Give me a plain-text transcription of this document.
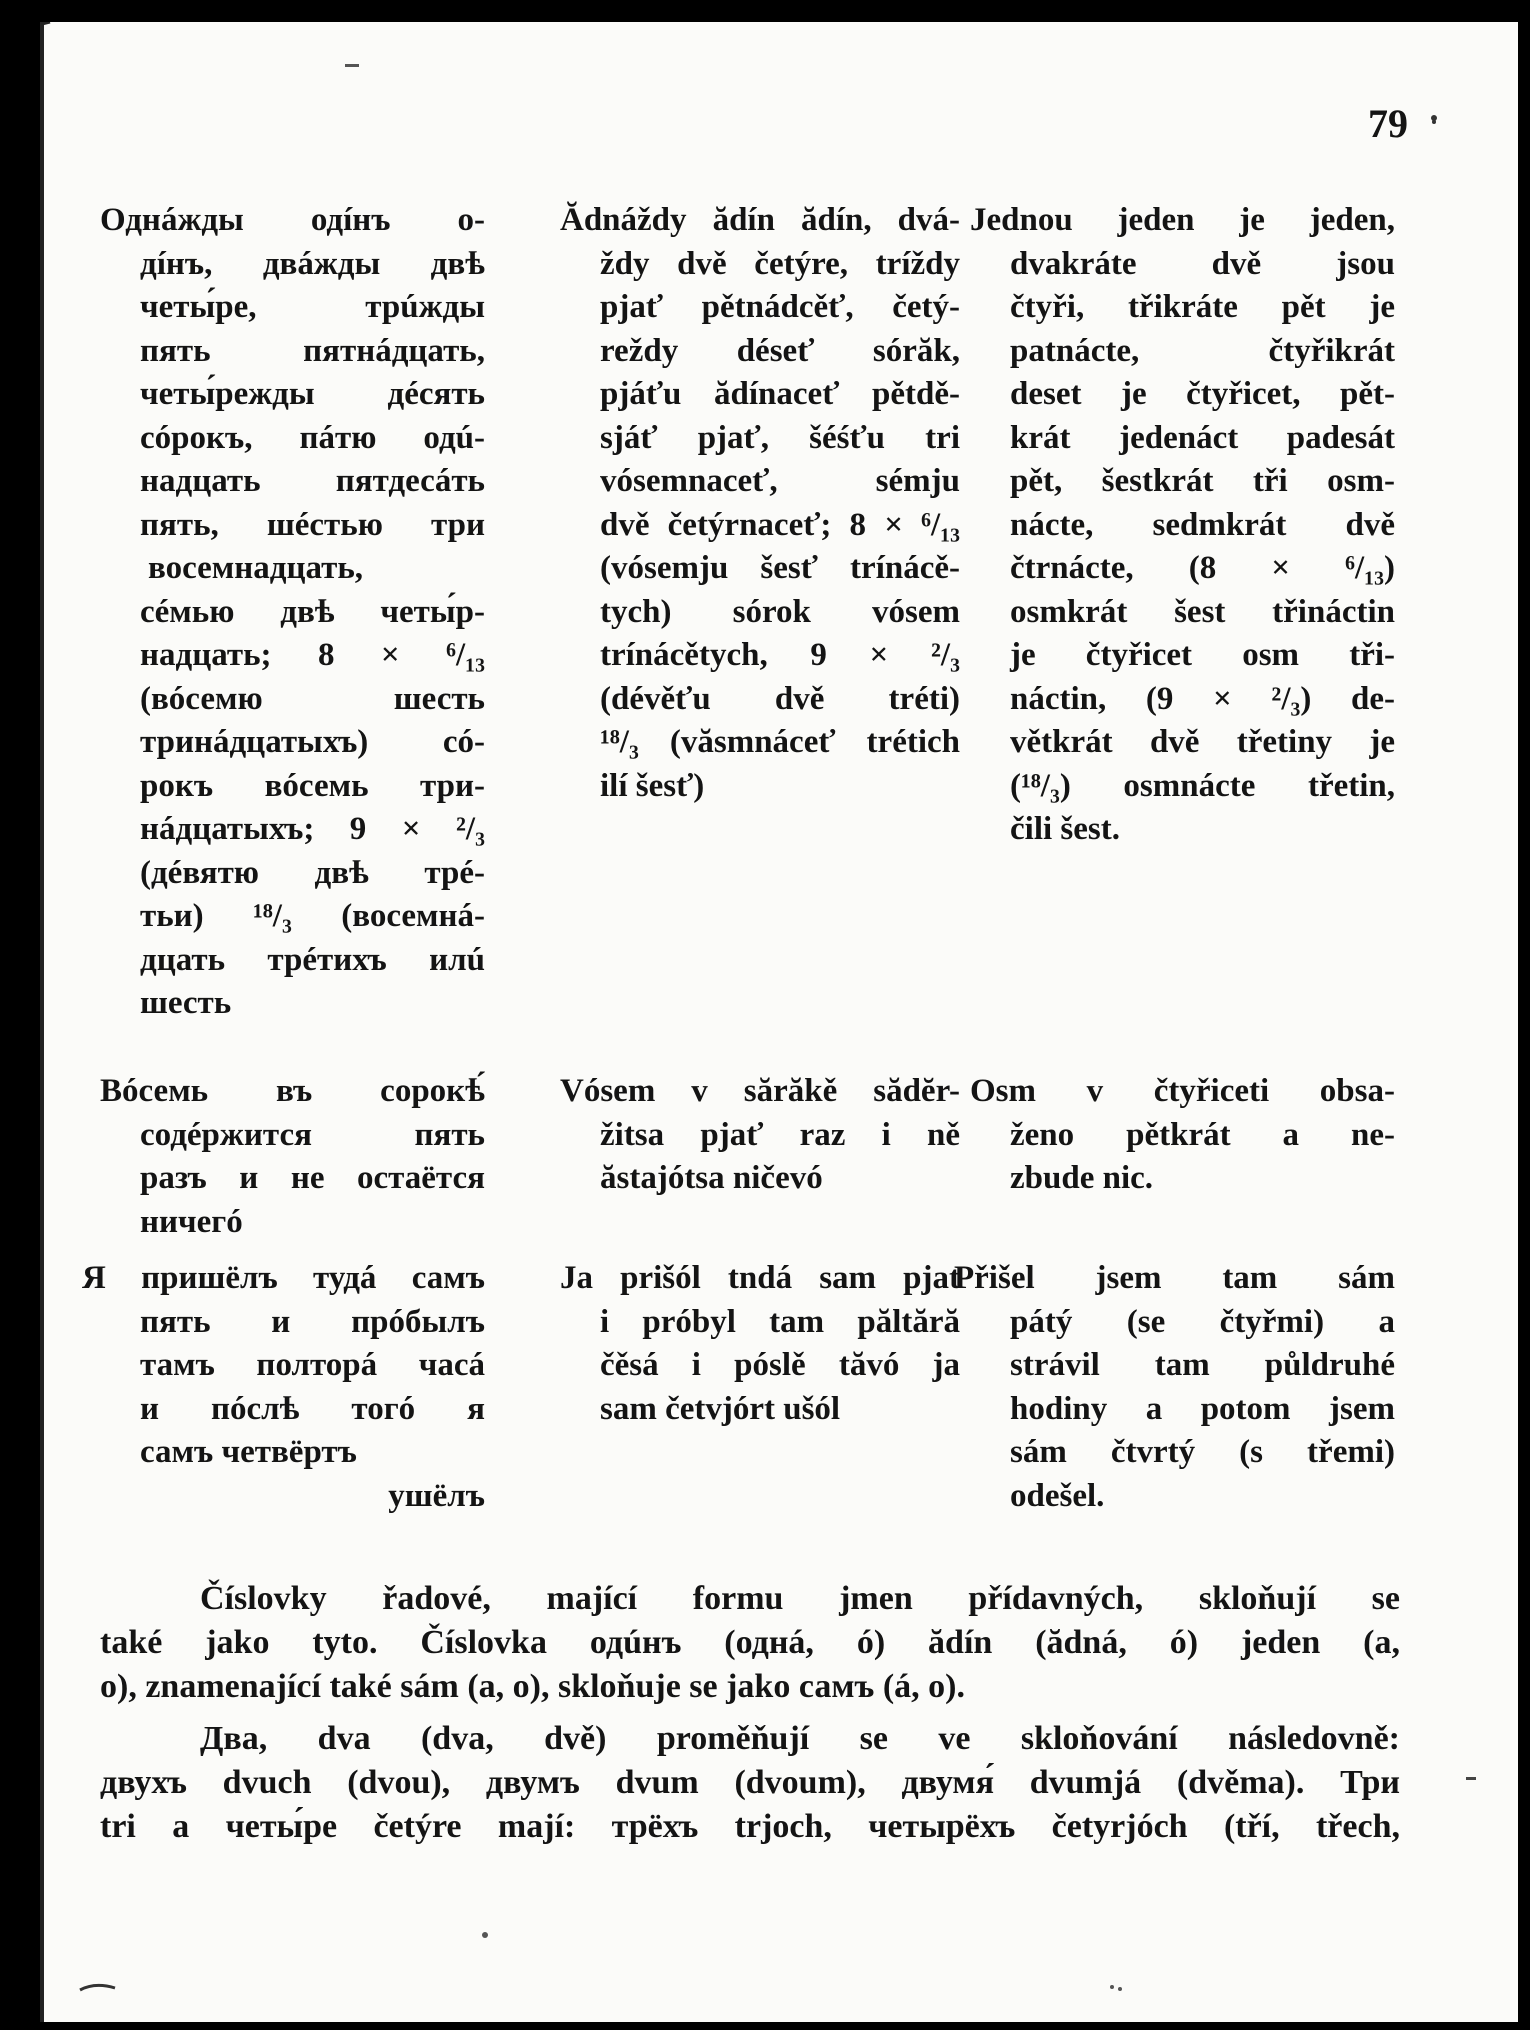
79

Однáжды одíнъ о-
дíнъ, двáжды двѣ
четы́ре, трúжды
пять пятнáдцать,
четы́режды дéсять
сóрокъ, пáтю одú-
надцать пятдесáть
пять, шéстью три
восемнадцать,
сéмью двѣ четы́р-
надцать; 8 × ⁶/₁₃
(вóсемю шесть
тринáдцатыхъ) сó-
рокъ вóсемь три-
нáдцатыхъ; 9 × ²/₃
(дéвятю двѣ трé-
тьи) ¹⁸/₃ (восемнá-
дцать трéтихъ илú
шесть
Ădnáždy ădín ădín, dvá-
ždy dvě četýre, tríždy
pjať pětnádcěť, četý-
reždy déseť sórăk,
pjáťu ădínaceť pětdě-
sjáť pjať, šéśťu tri
vósemnaceť, sémju
dvě četýrnaceť; 8 × ⁶/₁₃
(vósemju šesť trínácě-
tych) sórok vósem
trínácětych, 9 × ²/₃
(dévěťu dvě tréti)
¹⁸/₃ (văsmnáceť trétich
ilí šesť)
Jednou jeden je jeden,
dvakráte dvě jsou
čtyři, třikráte pět je
patnácte, čtyřikrát
deset je čtyřicet, pět-
krát jedenáct padesát
pět, šestkrát tři osm-
nácte, sedmkrát dvě
čtrnácte, (8 × ⁶/₁₃)
osmkrát šest třináctin
je čtyřicet osm tři-
náctin, (9 × ²/₃) de-
větkrát dvě třetiny je
(¹⁸/₃) osmnácte třetin,
čili šest.
Вóсемь въ сорокѣ́
содéржится пять
разъ и не остаётся
ничегó
Vósem v sărăkě sădĕr-
žitsa pjať raz i ně
ăstajótsa ničevó
Osm v čtyřiceti obsa-
ženo pětkrát a ne-
zbude nic.
Я пришёлъ тудá самъ
пять и прóбылъ
тамъ полторá часá
и пóслѣ тогó я
самъ четвёртъ
ушёлъ
Ja prišól tndá sam pjat
i próbyl tam păltără
čěsá i póslě tăvó ja
sam četvjórt ušól
Přišel jsem tam sám
pátý (se čtyřmi) a
strávil tam půldruhé
hodiny a potom jsem
sám čtvrtý (s třemi)
odešel.

Číslovky řadové, mající formu jmen přídavných, skloňují se
také jako tyto. Číslovka одúнъ (однá, ó) ădín (ădná, ó) jeden (a,
o), znamenající také sám (a, o), skloňuje se jako самъ (á, o).

Два, dva (dva, dvě) proměňují se ve skloňování následovně:
двухъ dvuch (dvou), двумъ dvum (dvoum), двумя́ dvumjá (dvěma). Три
tri a четы́ре četýre mají: трёхъ trjoch, четырёхъ četyrjóch (tří, třech,
